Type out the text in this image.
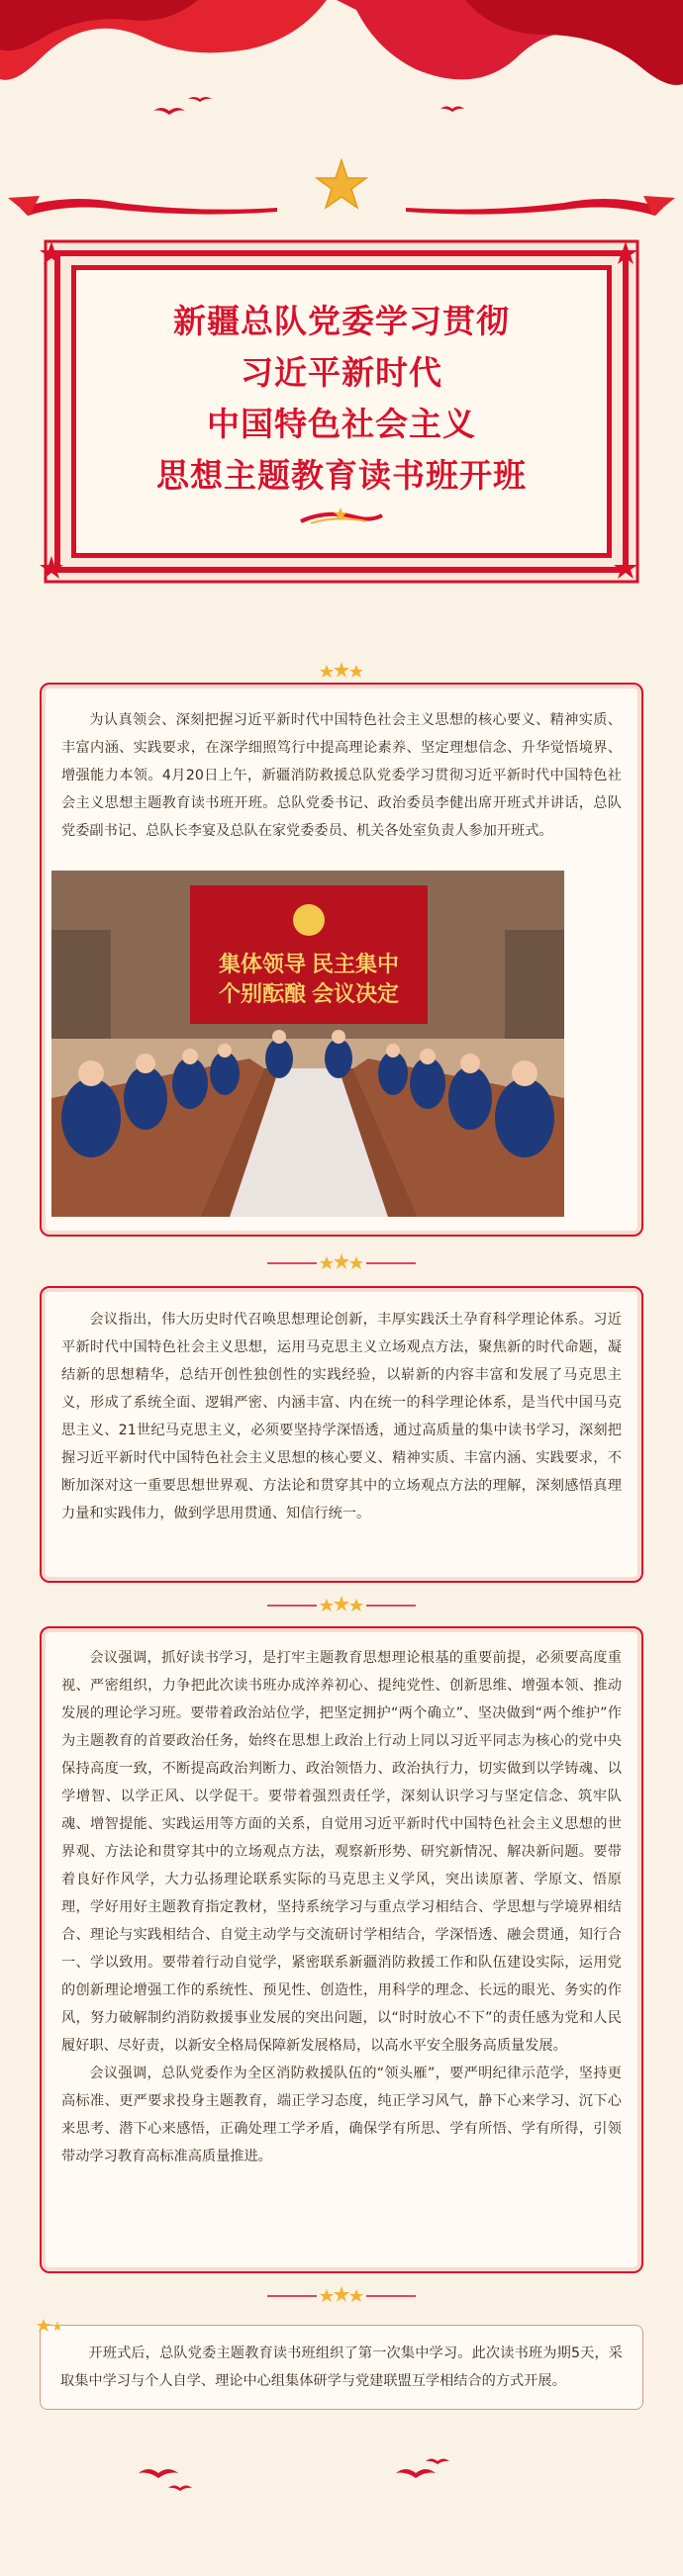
新疆总队党委学习贯彻
习近平新时代
中国特色社会主义
思想主题教育读书班开班

为认真领会、深刻把握习近平新时代中国特色社会主义思想的核心要义、精神实质、丰富内涵、实践要求，在深学细照笃行中提高理论素养、坚定理想信念、升华觉悟境界、增强能力本领。4月20日上午，新疆消防救援总队党委学习贯彻习近平新时代中国特色社会主义思想主题教育读书班开班。总队党委书记、政治委员李健出席开班式并讲话，总队党委副书记、总队长李宴及总队在家党委委员、机关各处室负责人参加开班式。

集体领导 民主集中
个别酝酿 会议决定

会议指出，伟大历史时代召唤思想理论创新，丰厚实践沃土孕育科学理论体系。习近平新时代中国特色社会主义思想，运用马克思主义立场观点方法，聚焦新的时代命题，凝结新的思想精华，总结开创性独创性的实践经验，以崭新的内容丰富和发展了马克思主义，形成了系统全面、逻辑严密、内涵丰富、内在统一的科学理论体系，是当代中国马克思主义、21世纪马克思主义，必须要坚持学深悟透，通过高质量的集中读书学习，深刻把握习近平新时代中国特色社会主义思想的核心要义、精神实质、丰富内涵、实践要求，不断加深对这一重要思想世界观、方法论和贯穿其中的立场观点方法的理解，深刻感悟真理力量和实践伟力，做到学思用贯通、知信行统一。

会议强调，抓好读书学习，是打牢主题教育思想理论根基的重要前提，必须要高度重视、严密组织，力争把此次读书班办成淬养初心、提纯党性、创新思维、增强本领、推动发展的理论学习班。要带着政治站位学，把坚定拥护“两个确立”、坚决做到“两个维护”作为主题教育的首要政治任务，始终在思想上政治上行动上同以习近平同志为核心的党中央保持高度一致，不断提高政治判断力、政治领悟力、政治执行力，切实做到以学铸魂、以学增智、以学正风、以学促干。要带着强烈责任学，深刻认识学习与坚定信念、筑牢队魂、增智提能、实践运用等方面的关系，自觉用习近平新时代中国特色社会主义思想的世界观、方法论和贯穿其中的立场观点方法，观察新形势、研究新情况、解决新问题。要带着良好作风学，大力弘扬理论联系实际的马克思主义学风，突出读原著、学原文、悟原理，学好用好主题教育指定教材，坚持系统学习与重点学习相结合、学思想与学境界相结合、理论与实践相结合、自觉主动学与交流研讨学相结合，学深悟透、融会贯通，知行合一、学以致用。要带着行动自觉学，紧密联系新疆消防救援工作和队伍建设实际，运用党的创新理论增强工作的系统性、预见性、创造性，用科学的理念、长远的眼光、务实的作风，努力破解制约消防救援事业发展的突出问题，以“时时放心不下”的责任感为党和人民履好职、尽好责，以新安全格局保障新发展格局，以高水平安全服务高质量发展。

会议强调，总队党委作为全区消防救援队伍的“领头雁”，要严明纪律示范学，坚持更高标准、更严要求投身主题教育，端正学习态度，纯正学习风气，静下心来学习、沉下心来思考、潜下心来感悟，正确处理工学矛盾，确保学有所思、学有所悟、学有所得，引领带动学习教育高标准高质量推进。

开班式后，总队党委主题教育读书班组织了第一次集中学习。此次读书班为期5天，采取集中学习与个人自学、理论中心组集体研学与党建联盟互学相结合的方式开展。
